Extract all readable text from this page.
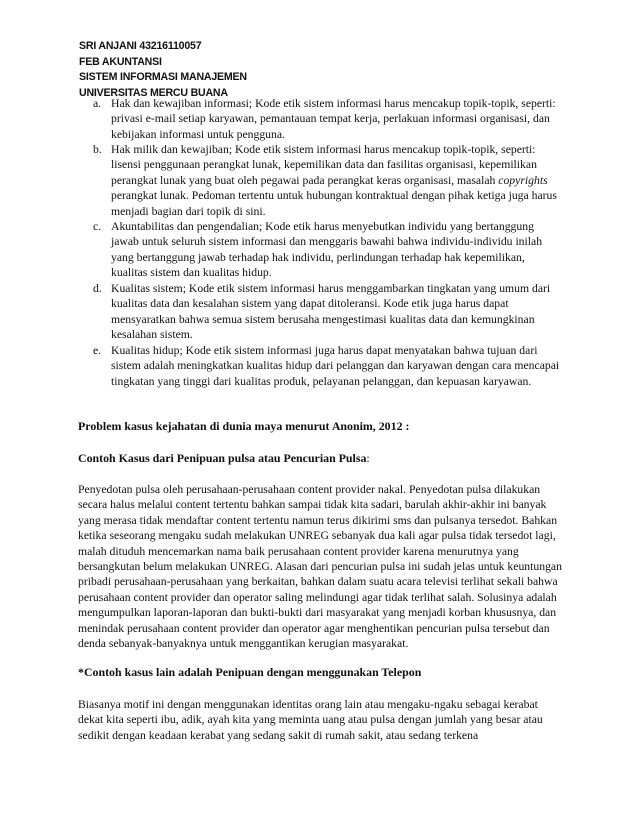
SRI ANJANI 43216110057
FEB AKUNTANSI
SISTEM INFORMASI MANAJEMEN
UNIVERSITAS MERCU BUANA
a. Hak dan kewajiban informasi; Kode etik sistem informasi harus mencakup topik-topik, seperti: privasi e-mail setiap karyawan, pemantauan tempat kerja, perlakuan informasi organisasi, dan kebijakan informasi untuk pengguna.
b. Hak milik dan kewajiban; Kode etik sistem informasi harus mencakup topik-topik, seperti: lisensi penggunaan perangkat lunak, kepemilikan data dan fasilitas organisasi, kepemilikan perangkat lunak yang buat oleh pegawai pada perangkat keras organisasi, masalah copyrights perangkat lunak. Pedoman tertentu untuk hubungan kontraktual dengan pihak ketiga juga harus menjadi bagian dari topik di sini.
c. Akuntabilitas dan pengendalian; Kode etik harus menyebutkan individu yang bertanggung jawab untuk seluruh sistem informasi dan menggaris bawahi bahwa individu-individu inilah yang bertanggung jawab terhadap hak individu, perlindungan terhadap hak kepemilikan, kualitas sistem dan kualitas hidup.
d. Kualitas sistem; Kode etik sistem informasi harus menggambarkan tingkatan yang umum dari kualitas data dan kesalahan sistem yang dapat ditoleransi. Kode etik juga harus dapat mensyaratkan bahwa semua sistem berusaha mengestimasi kualitas data dan kemungkinan kesalahan sistem.
e. Kualitas hidup; Kode etik sistem informasi juga harus dapat menyatakan bahwa tujuan dari sistem adalah meningkatkan kualitas hidup dari pelanggan dan karyawan dengan cara mencapai tingkatan yang tinggi dari kualitas produk, pelayanan pelanggan, dan kepuasan karyawan.
Problem kasus kejahatan di dunia maya menurut Anonim, 2012 :
Contoh Kasus dari Penipuan pulsa atau Pencurian Pulsa:
Penyedotan pulsa oleh perusahaan-perusahaan content provider nakal. Penyedotan pulsa dilakukan secara halus melalui content tertentu bahkan sampai tidak kita sadari, barulah akhir-akhir ini banyak yang merasa tidak mendaftar content tertentu namun terus dikirimi sms dan pulsanya tersedot. Bahkan ketika seseorang mengaku sudah melakukan UNREG sebanyak dua kali agar pulsa tidak tersedot lagi, malah dituduh mencemarkan nama baik perusahaan content provider karena menurutnya yang bersangkutan belum melakukan UNREG. Alasan dari pencurian pulsa ini sudah jelas untuk keuntungan pribadi perusahaan-perusahaan yang berkaitan, bahkan dalam suatu acara televisi terlihat sekali bahwa perusahaan content provider dan operator saling melindungi agar tidak terlihat salah. Solusinya adalah mengumpulkan laporan-laporan dan bukti-bukti dari masyarakat yang menjadi korban khususnya, dan menindak perusahaan content provider dan operator agar menghentikan pencurian pulsa tersebut dan denda sebanyak-banyaknya untuk menggantikan kerugian masyarakat.
*Contoh kasus lain adalah Penipuan dengan menggunakan Telepon
Biasanya motif ini dengan menggunakan identitas orang lain atau mengaku-ngaku sebagai kerabat dekat kita seperti ibu, adik, ayah kita yang meminta uang atau pulsa dengan jumlah yang besar atau sedikit dengan keadaan kerabat yang sedang sakit di rumah sakit, atau sedang terkena
